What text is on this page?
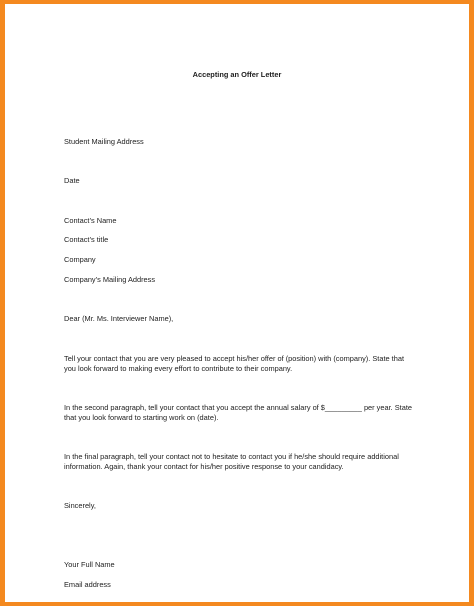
Accepting an Offer Letter

Student Mailing Address

Date

Contact’s Name

Contact’s title

Company

Company’s Mailing Address

Dear (Mr. Ms. Interviewer Name),

Tell your contact that you are very pleased to accept his/her offer of (position) with (company). State that you look forward to making every effort to contribute to their company.

In the second paragraph, tell your contact that you accept the annual salary of $_________ per year. State that you look forward to starting work on (date).

In the final paragraph, tell your contact not to hesitate to contact you if he/she should require additional information. Again, thank your contact for his/her positive response to your candidacy.

Sincerely,

Your Full Name

Email address
